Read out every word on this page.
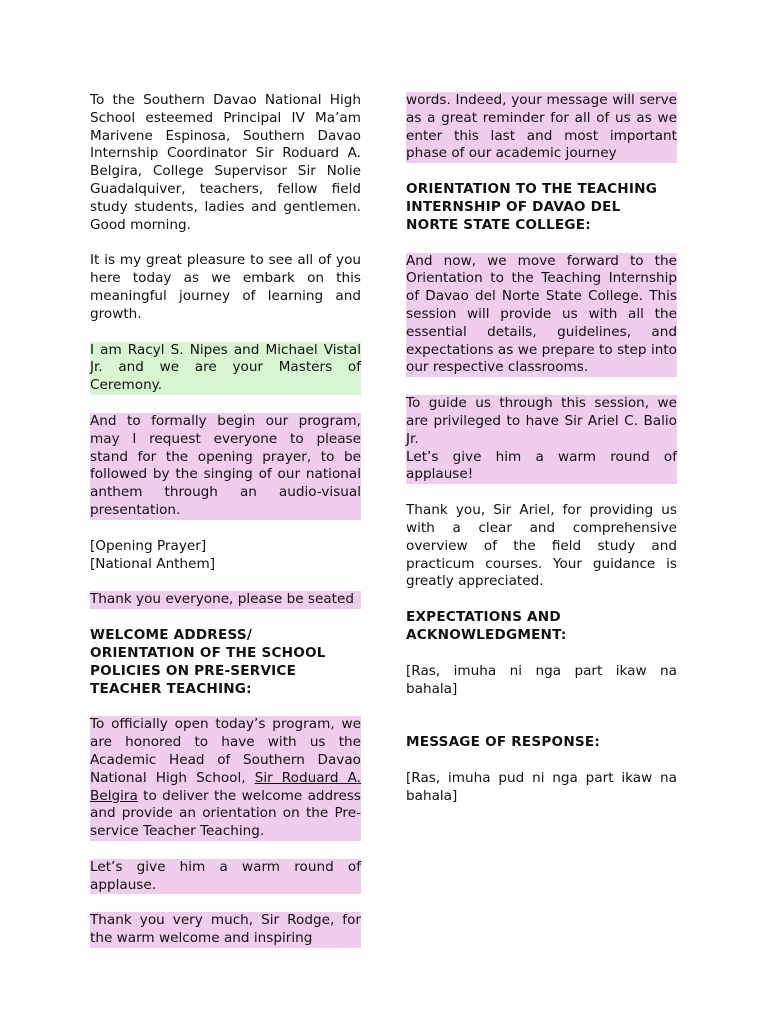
To the Southern Davao National High School esteemed Principal IV Ma’am Marivene Espinosa, Southern Davao Internship Coordinator Sir Roduard A. Belgira, College Supervisor Sir Nolie Guadalquiver, teachers, fellow field study students, ladies and gentlemen. Good morning.

It is my great pleasure to see all of you here today as we embark on this meaningful journey of learning and growth.

I am Racyl S. Nipes and Michael Vistal Jr. and we are your Masters of Ceremony.

And to formally begin our program, may I request everyone to please stand for the opening prayer, to be followed by the singing of our national anthem through an audio-visual presentation.

[Opening Prayer]
[National Anthem]

Thank you everyone, please be seated

WELCOME ADDRESS/ ORIENTATION OF THE SCHOOL POLICIES ON PRE-SERVICE TEACHER TEACHING:

To officially open today’s program, we are honored to have with us the Academic Head of Southern Davao National High School, Sir Roduard A. Belgira to deliver the welcome address and provide an orientation on the Pre-service Teacher Teaching.

Let’s give him a warm round of applause.

Thank you very much, Sir Rodge, for the warm welcome and inspiring

words. Indeed, your message will serve as a great reminder for all of us as we enter this last and most important phase of our academic journey

ORIENTATION TO THE TEACHING INTERNSHIP OF DAVAO DEL NORTE STATE COLLEGE:

And now, we move forward to the Orientation to the Teaching Internship of Davao del Norte State College. This session will provide us with all the essential details, guidelines, and expectations as we prepare to step into our respective classrooms.

To guide us through this session, we are privileged to have Sir Ariel C. Balio Jr.
Let’s give him a warm round of applause!

Thank you, Sir Ariel, for providing us with a clear and comprehensive overview of the field study and practicum courses. Your guidance is greatly appreciated.

EXPECTATIONS AND ACKNOWLEDGMENT:

[Ras, imuha ni nga part ikaw na bahala]

MESSAGE OF RESPONSE:

[Ras, imuha pud ni nga part ikaw na bahala]
